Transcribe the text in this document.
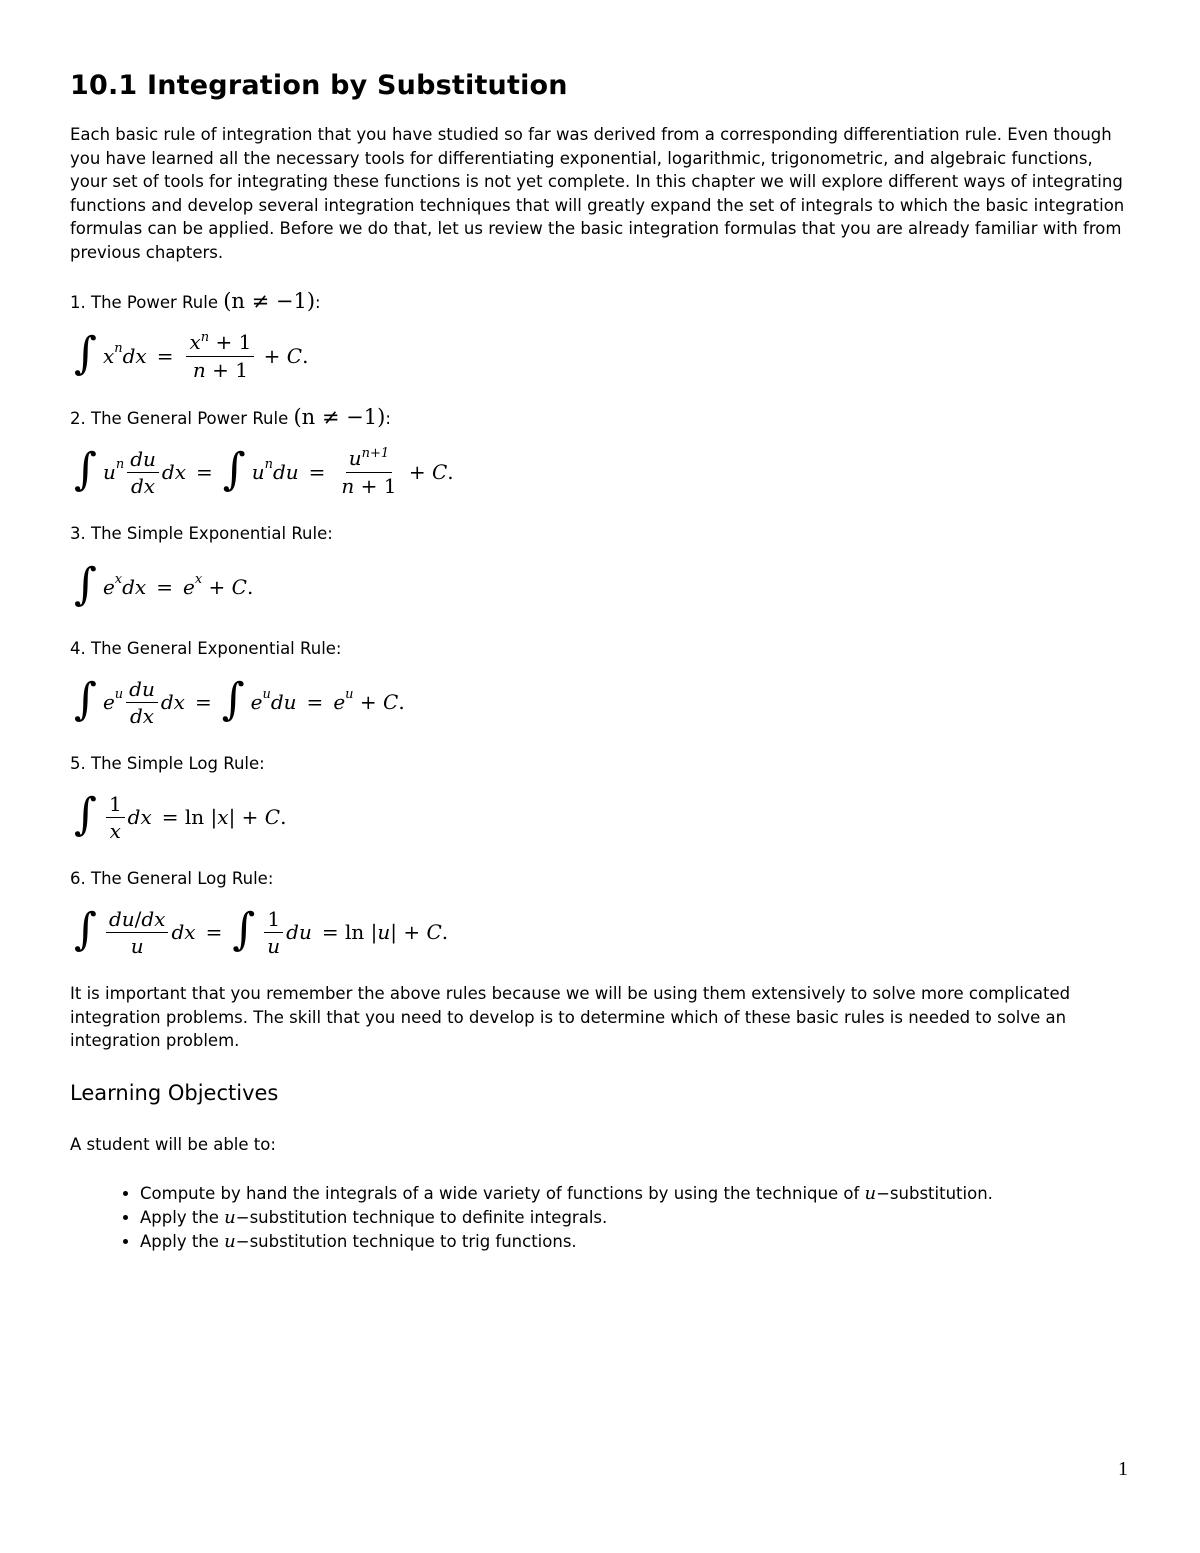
10.1 Integration by Substitution

Each basic rule of integration that you have studied so far was derived from a corresponding differentiation rule. Even though you have learned all the necessary tools for differentiating exponential, logarithmic, trigonometric, and algebraic functions, your set of tools for integrating these functions is not yet complete. In this chapter we will explore different ways of integrating functions and develop several integration techniques that will greatly expand the set of integrals to which the basic integration formulas can be applied. Before we do that, let us review the basic integration formulas that you are already familiar with from previous chapters.

1. The Power Rule (n ≠ −1):

∫ x n dx = $\frac{x^n + 1}{n + 1} + C$ .

2. The General Power Rule (n ≠ −1):

∫ u n $\frac{du}{dx}$ dx = ∫ u n du = $\frac{u^{n+1}}{n + 1} + C$ .

3. The Simple Exponential Rule:

∫ e x dx = e x + C .

4. The General Exponential Rule:

∫ e u $\frac{du}{dx}$ dx = ∫ e u du = e u + C .

5. The Simple Log Rule:

∫ $\frac{1}{x}$ dx = ln
| x | + C .

6. The General Log Rule:

∫ $\frac{du/dx}{u}$ dx = ∫ $\frac{1}{u}$ du = ln
| u | + C .

It is important that you remember the above rules because we will be using them extensively to solve more complicated integration problems. The skill that you need to develop is to determine which of these basic rules is needed to solve an integration problem.

Learning Objectives

A student will be able to:

• Compute by hand the integrals of a wide variety of functions by using the technique of u−substitution.
• Apply the u−substitution technique to definite integrals.
• Apply the u−substitution technique to trig functions.
1
